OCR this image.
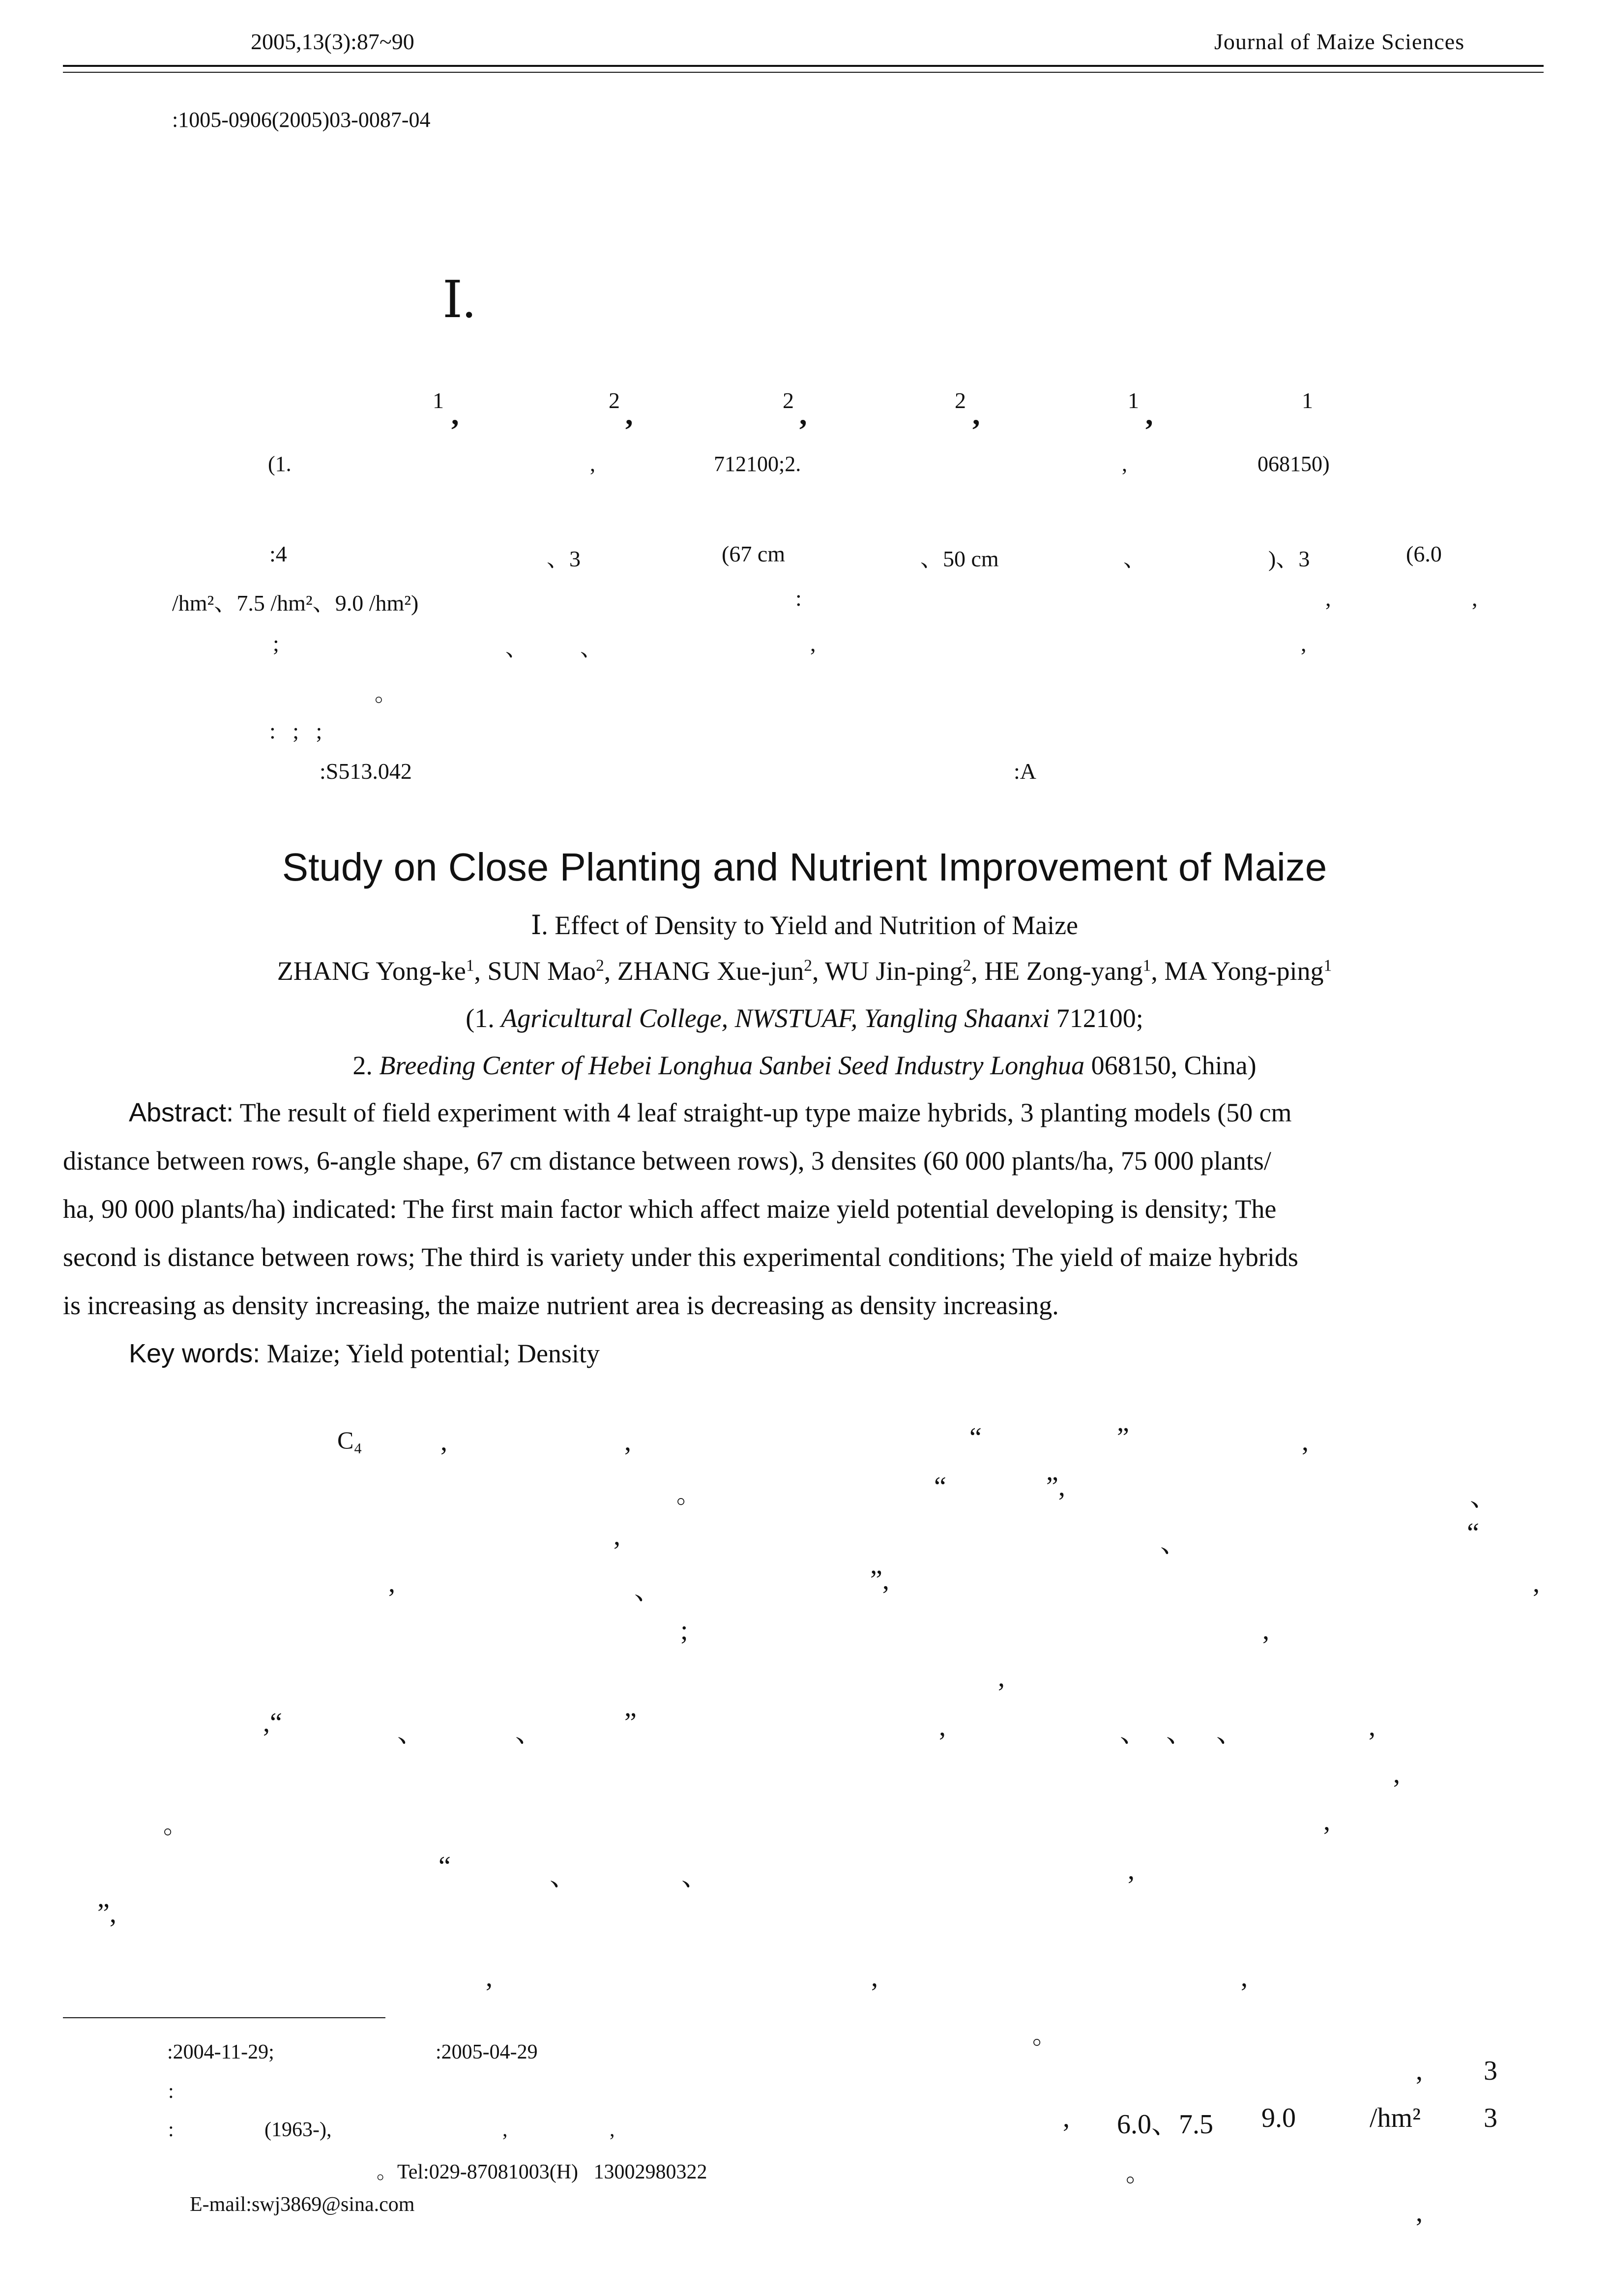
2005,13(3):87~90	Journal of Maize Sciences
:1005-0906(2005)03-0087-04
Ⅰ.
1 ,	2 ,	2 ,	2 ,	1 ,	1
(1.	,	712100;2.	,	068150)
:4	、3	(67 cm	、50 cm	、	)、3	(6.0
/hm²、7.5 /hm²、9.0 /hm²)	:	,	,
;	、 、	,	,
。
:   ;   ;
:S513.042	:A
Study on Close Planting and Nutrient Improvement of Maize
Ⅰ. Effect of Density to Yield and Nutrition of Maize
ZHANG Yong-$ke^1$, SUN Mao$^2$, ZHANG Xue-jun$^2$, WU Jin-ping$^2$, HE Zong-yang$^1$, MA Yong-ping$^1$
(1. Agricultural College, NWSTUAF, Yangling Shaanxi 712100;
2. Breeding Center of Hebei Longhua Sanbei Seed Industry Longhua 068150, China)
Abstract: The result of field experiment with 4 leaf straight-up type maize hybrids, 3 planting models (50 cm
distance between rows, 6-angle shape, 67 cm distance between rows), 3 densites (60 000 plants/ha, 75 000 plants/
ha, 90 000 plants/ha) indicated: The first main factor which affect maize yield potential developing is density; The
second is distance between rows; The third is variety under this experimental conditions; The yield of maize hybrids
is increasing as density increasing, the maize nutrient area is decreasing as density increasing.
Key words: Maize; Yield potential; Density
C₄	,	,	“	”	,
。	“	”,	、
,	、	“
,	、	”,	,
;	,
,
,“	、	、	”	,	、 、 、	,
,
。	,
“	、	、	,
”,
,	,	,
:2004-11-29;	:2005-04-29
:
:	(1963-),	,	,
。Tel:029-87081003(H)   13002980322
E-mail:swj3869@sina.com
。
, 3
, 6.0、7.5 9.0	/hm² 3
。
,
